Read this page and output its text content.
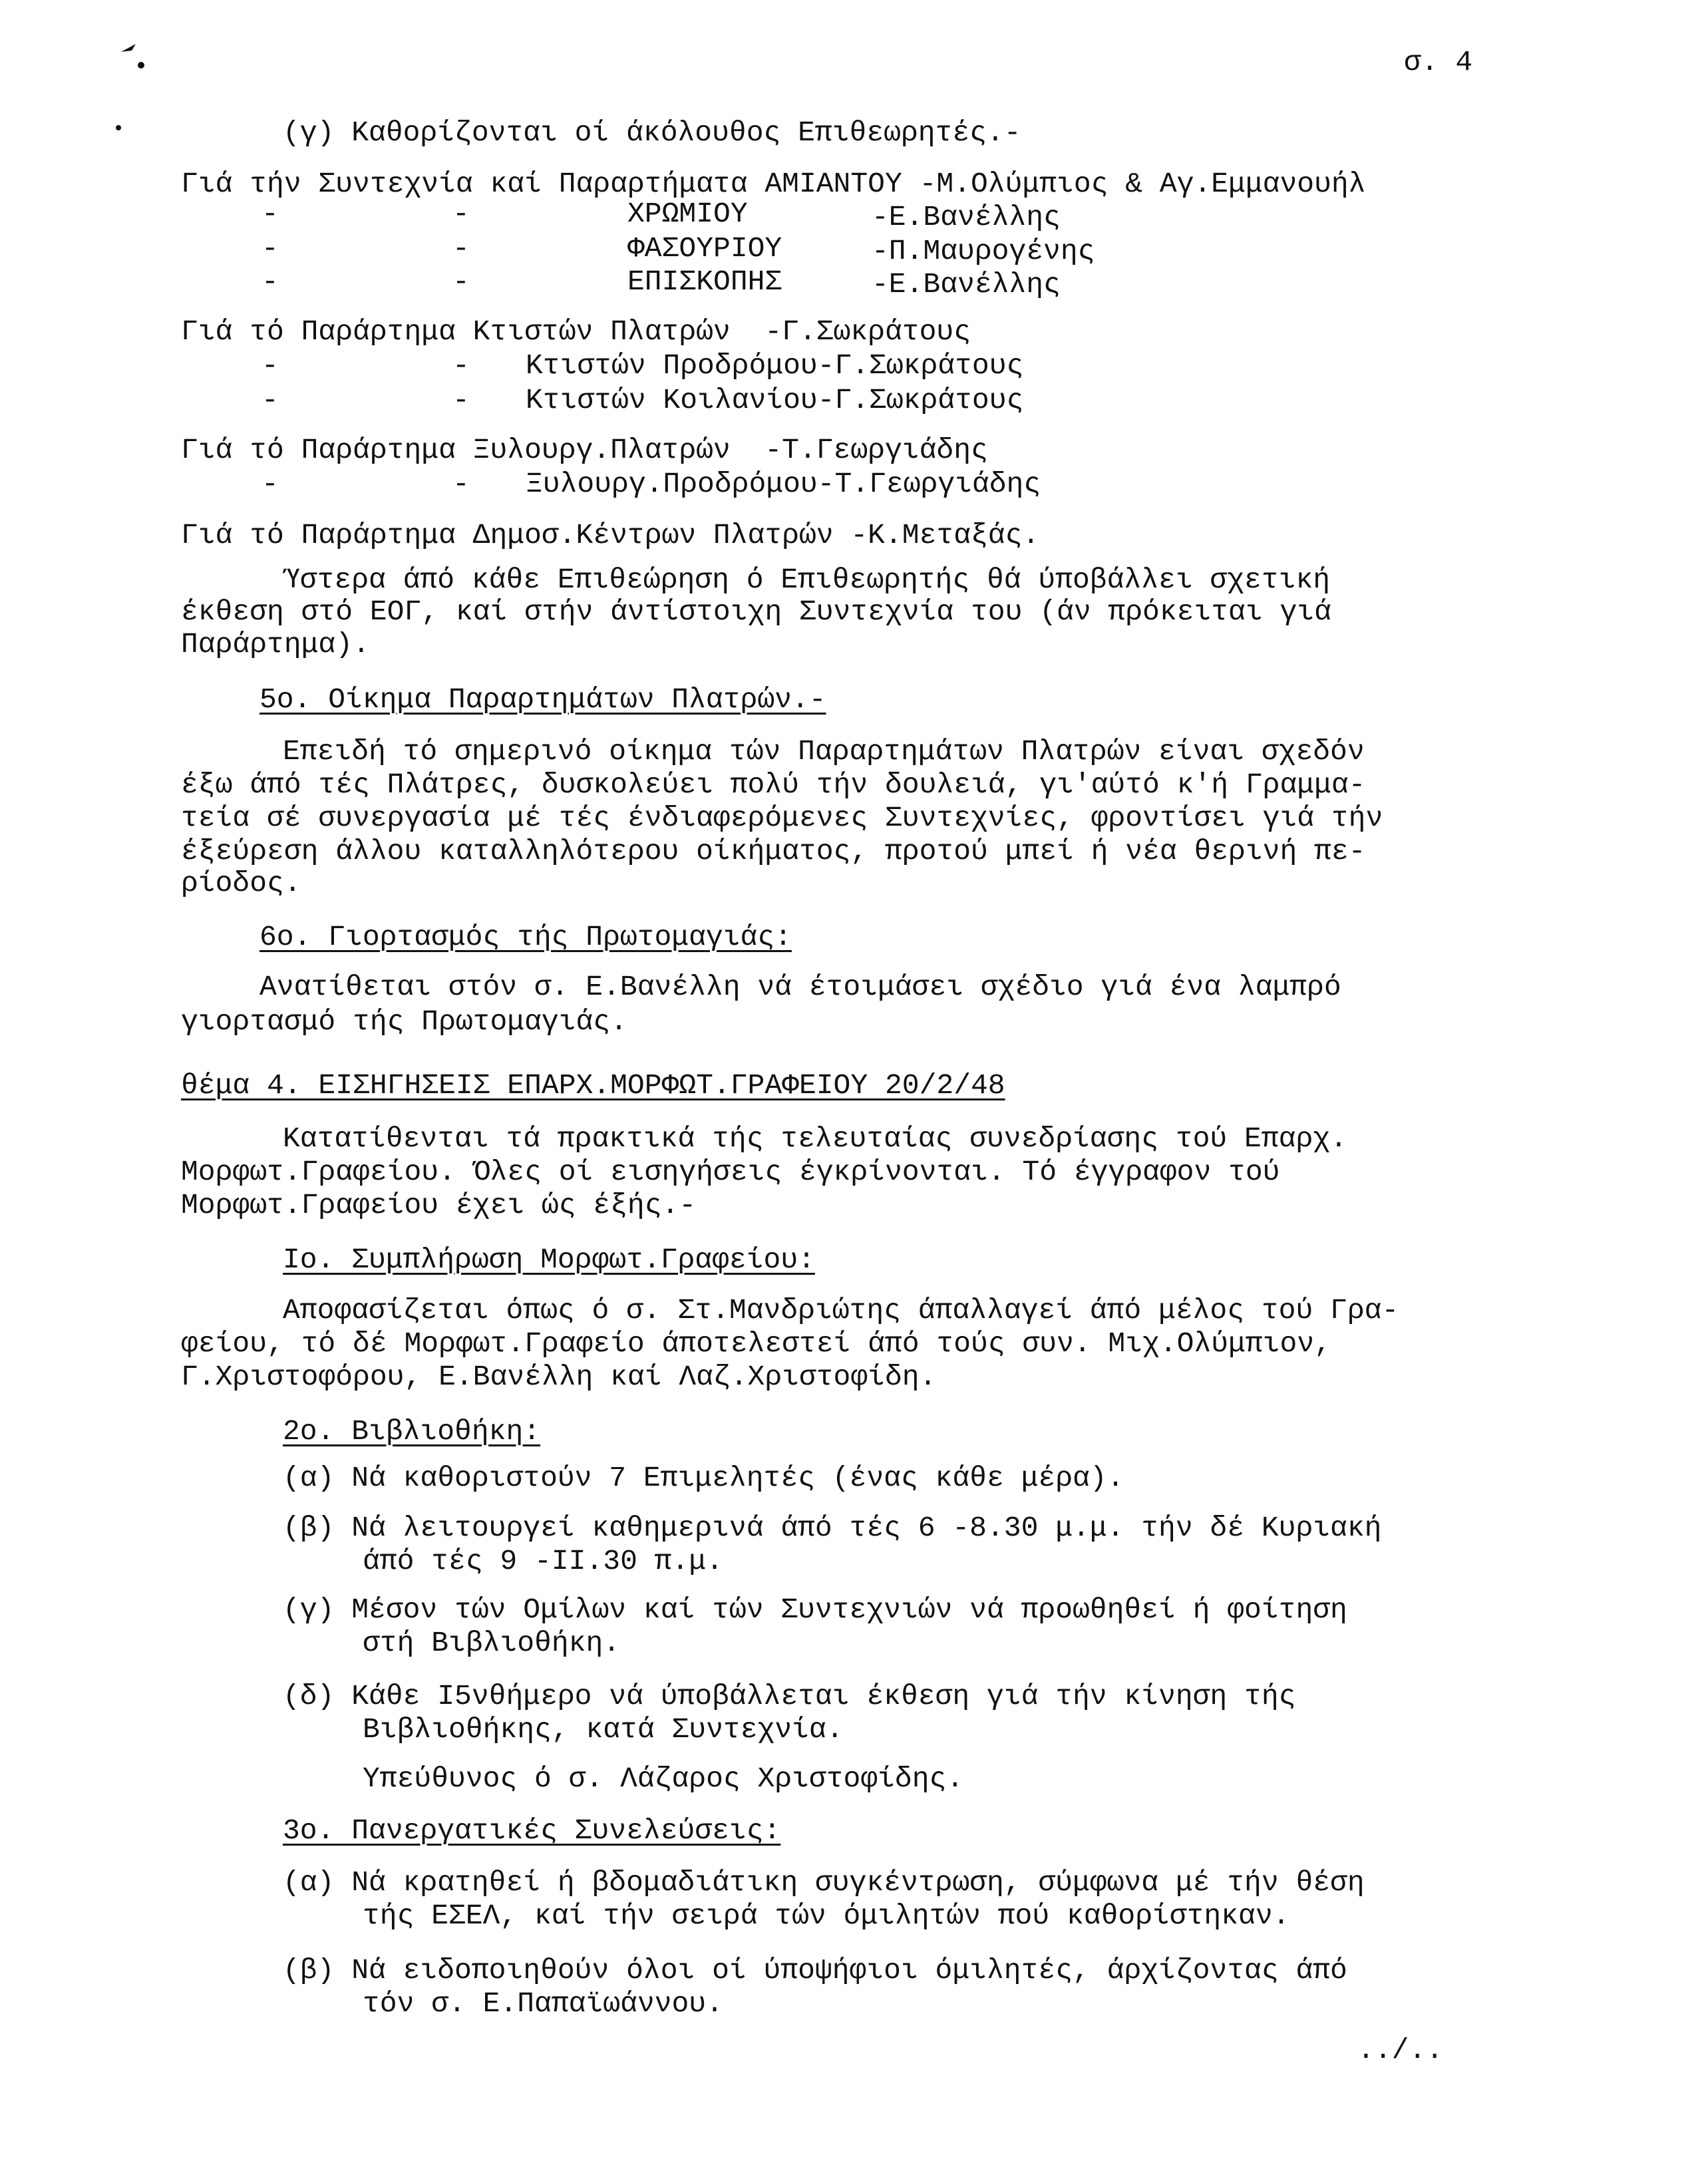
σ. 4
(γ) Καθορίζονται οί άκόλουθος Επιθεωρητές.-
Γιά τήν Συντεχνία καί Παραρτήματα ΑΜΙΑΝΤΟΥ -Μ.Ολύμπιος & Αγ.Εμμανουήλ
-	-	ΧΡΩΜΙΟΥ	-Ε.Βανέλλης
-	-	ΦΑΣΟΥΡΙΟΥ	-Π.Μαυρογένης
-	-	ΕΠΙΣΚΟΠΗΣ	-Ε.Βανέλλης
Γιά τό Παράρτημα Κτιστών Πλατρών  -Γ.Σωκράτους
-	- Κτιστών Προδρόμου-Γ.Σωκράτους
-	- Κτιστών Κοιλανίου-Γ.Σωκράτους
Γιά τό Παράρτημα Ξυλουργ.Πλατρών  -Τ.Γεωργιάδης
-	- Ξυλουργ.Προδρόμου-Τ.Γεωργιάδης
Γιά τό Παράρτημα Δημοσ.Κέντρων Πλατρών -Κ.Μεταξάς.
Ύστερα άπό κάθε Επιθεώρηση ό Επιθεωρητής θά ύποβάλλει σχετική
έκθεση στό ΕΟΓ, καί στήν άντίστοιχη Συντεχνία του (άν πρόκειται γιά
Παράρτημα).
5ο. Οίκημα Παραρτημάτων Πλατρών.-
Επειδή τό σημερινό οίκημα τών Παραρτημάτων Πλατρών είναι σχεδόν
έξω άπό τές Πλάτρες, δυσκολεύει πολύ τήν δουλειά, γι'αύτό κ'ή Γραμμα-
τεία σέ συνεργασία μέ τές ένδιαφερόμενες Συντεχνίες, φροντίσει γιά τήν
έξεύρεση άλλου καταλληλότερου οίκήματος, προτού μπεί ή νέα θερινή πε-
ρίοδος.
6ο. Γιορτασμός τής Πρωτομαγιάς:
Ανατίθεται στόν σ. Ε.Βανέλλη νά έτοιμάσει σχέδιο γιά ένα λαμπρό
γιορτασμό τής Πρωτομαγιάς.
θέμα 4. ΕΙΣΗΓΗΣΕΙΣ ΕΠΑΡΧ.ΜΟΡΦΩΤ.ΓΡΑΦΕΙΟΥ 20/2/48
Κατατίθενται τά πρακτικά τής τελευταίας συνεδρίασης τού Επαρχ.
Μορφωτ.Γραφείου. Όλες οί εισηγήσεις έγκρίνονται. Τό έγγραφον τού
Μορφωτ.Γραφείου έχει ώς έξής.-
Ιο. Συμπλήρωση Μορφωτ.Γραφείου:
Αποφασίζεται όπως ό σ. Στ.Μανδριώτης άπαλλαγεί άπό μέλος τού Γρα-
φείου, τό δέ Μορφωτ.Γραφείο άποτελεστεί άπό τούς συν. Μιχ.Ολύμπιον,
Γ.Χριστοφόρου, Ε.Βανέλλη καί Λαζ.Χριστοφίδη.
2ο. Βιβλιοθήκη:
(α) Νά καθοριστούν 7 Επιμελητές (ένας κάθε μέρα).
(β) Νά λειτουργεί καθημερινά άπό τές 6 -8.30 μ.μ. τήν δέ Κυριακή
άπό τές 9 -ΙΙ.30 π.μ.
(γ) Μέσον τών Ομίλων καί τών Συντεχνιών νά προωθηθεί ή φοίτηση
στή Βιβλιοθήκη.
(δ) Κάθε Ι5νθήμερο νά ύποβάλλεται έκθεση γιά τήν κίνηση τής
Βιβλιοθήκης, κατά Συντεχνία.
Υπεύθυνος ό σ. Λάζαρος Χριστοφίδης.
3ο. Πανεργατικές Συνελεύσεις:
(α) Νά κρατηθεί ή βδομαδιάτικη συγκέντρωση, σύμφωνα μέ τήν θέση
τής ΕΣΕΛ, καί τήν σειρά τών όμιλητών πού καθορίστηκαν.
(β) Νά ειδοποιηθούν όλοι οί ύποψήφιοι όμιλητές, άρχίζοντας άπό
τόν σ. Ε.Παπαϊωάννου.
../..
